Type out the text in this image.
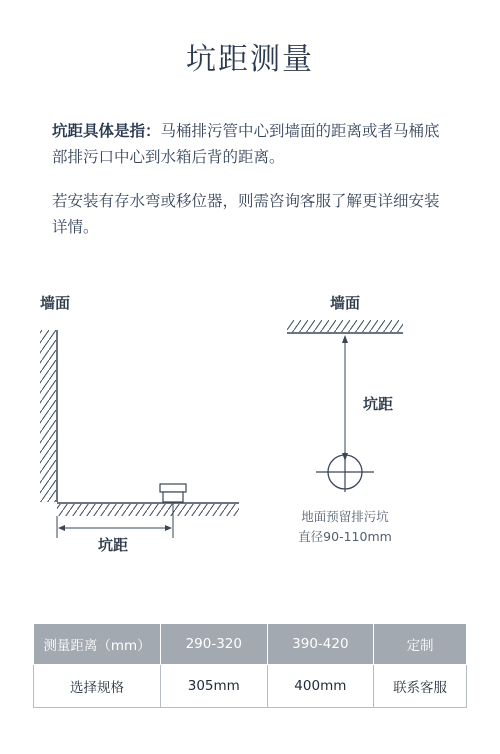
坑距测量
坑距具体是指：马桶排污管中心到墙面的距离或者马桶底部排污口中心到水箱后背的距离。
若安装有存水弯或移位器，则需咨询客服了解更详细安装详情。
墙面
坑距
墙面
坑距
地面预留排污坑
直径90-110mm
测量距离（mm）	290-320	390-420	定制
选择规格	305mm	400mm	联系客服
